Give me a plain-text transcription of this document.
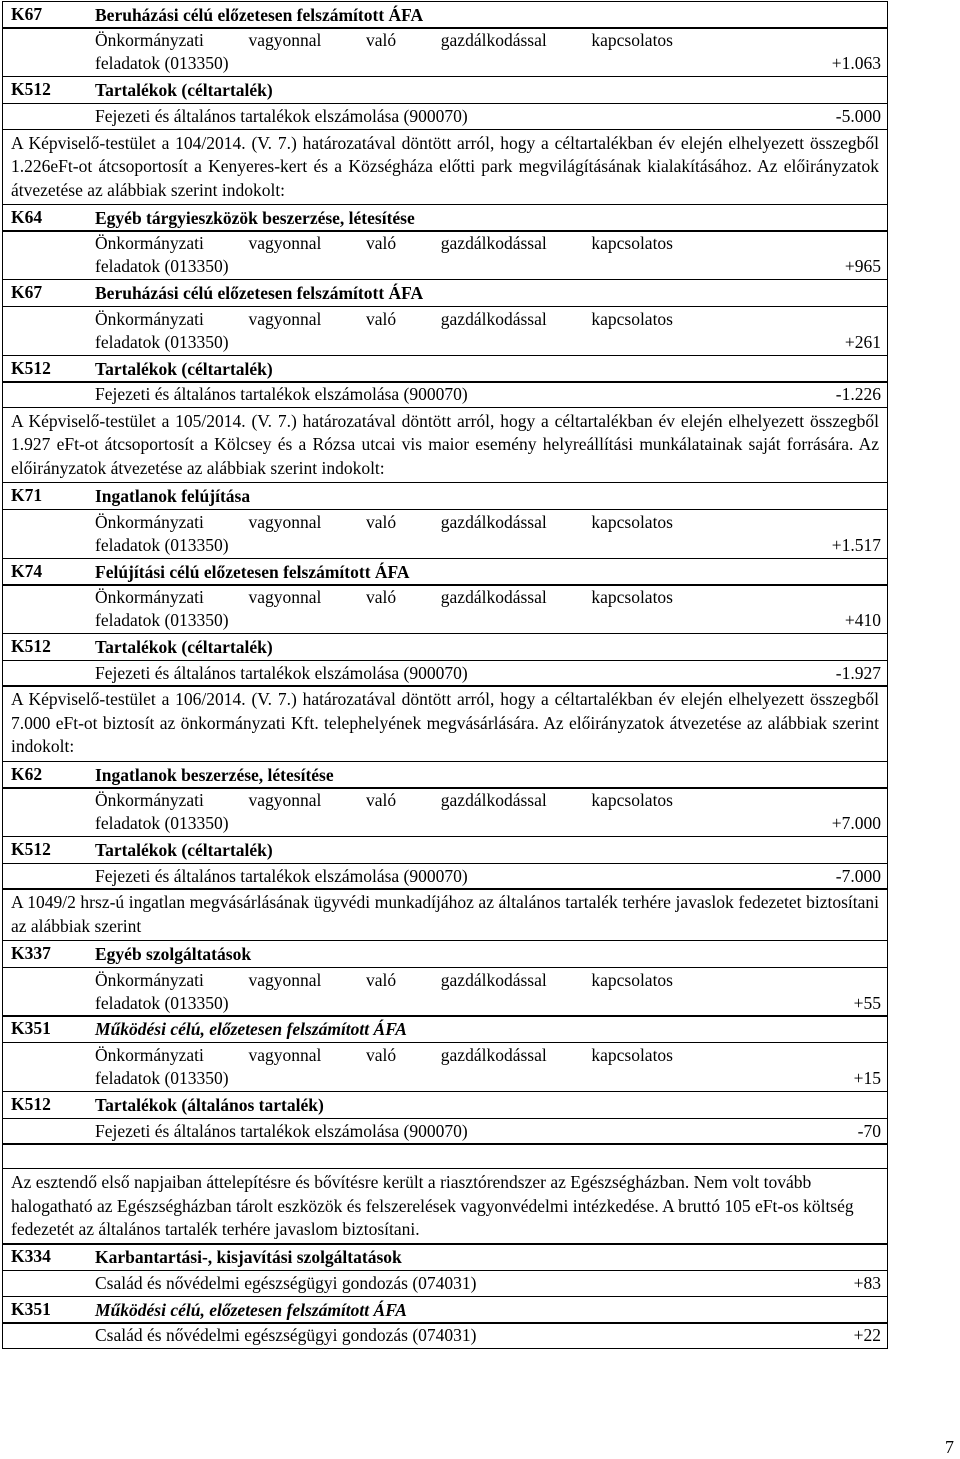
K67	Beruházási célú előzetesen felszámított ÁFA
Önkormányzati vagyonnal való gazdálkodással kapcsolatos
feladatok (013350)	+1.063
K512	Tartalékok (céltartalék)
Fejezeti és általános tartalékok elszámolása (900070)	-5.000
A Képviselő-testület a 104/2014. (V. 7.) határozatával döntött arról, hogy a céltartalékban év elején elhelyezett összegből 1.226eFt-ot átcsoportosít a Kenyeres-kert és a Községháza előtti park megvilágításának kialakításához. Az előirányzatok átvezetése az alábbiak szerint indokolt:
K64	Egyéb tárgyieszközök beszerzése, létesítése
Önkormányzati vagyonnal való gazdálkodással kapcsolatos
feladatok (013350)	+965
K67	Beruházási célú előzetesen felszámított ÁFA
Önkormányzati vagyonnal való gazdálkodással kapcsolatos
feladatok (013350)	+261
K512	Tartalékok (céltartalék)
Fejezeti és általános tartalékok elszámolása (900070)	-1.226
A Képviselő-testület a 105/2014. (V. 7.) határozatával döntött arról, hogy a céltartalékban év elején elhelyezett összegből 1.927 eFt-ot átcsoportosít a Kölcsey és a Rózsa utcai vis maior esemény helyreállítási munkálatainak saját forrására. Az előirányzatok átvezetése az alábbiak szerint indokolt:
K71	Ingatlanok felújítása
Önkormányzati vagyonnal való gazdálkodással kapcsolatos
feladatok (013350)	+1.517
K74	Felújítási célú előzetesen felszámított ÁFA
Önkormányzati vagyonnal való gazdálkodással kapcsolatos
feladatok (013350)	+410
K512	Tartalékok (céltartalék)
Fejezeti és általános tartalékok elszámolása (900070)	-1.927
A Képviselő-testület a 106/2014. (V. 7.) határozatával döntött arról, hogy a céltartalékban év elején elhelyezett összegből 7.000 eFt-ot biztosít az önkormányzati Kft. telephelyének megvásárlására. Az előirányzatok átvezetése az alábbiak szerint indokolt:
K62	Ingatlanok beszerzése, létesítése
Önkormányzati vagyonnal való gazdálkodással kapcsolatos
feladatok (013350)	+7.000
K512	Tartalékok (céltartalék)
Fejezeti és általános tartalékok elszámolása (900070)	-7.000
A 1049/2 hrsz-ú ingatlan megvásárlásának ügyvédi munkadíjához az általános tartalék terhére javaslok fedezetet biztosítani az alábbiak szerint
K337	Egyéb szolgáltatások
Önkormányzati vagyonnal való gazdálkodással kapcsolatos
feladatok (013350)	+55
K351	Működési célú, előzetesen felszámított ÁFA
Önkormányzati vagyonnal való gazdálkodással kapcsolatos
feladatok (013350)	+15
K512	Tartalékok (általános tartalék)
Fejezeti és általános tartalékok elszámolása (900070)	-70
Az esztendő első napjaiban áttelepítésre és bővítésre került a riasztórendszer az Egészségházban. Nem volt tovább halogatható az Egészségházban tárolt eszközök és felszerelések vagyonvédelmi intézkedése. A bruttó 105 eFt-os költség fedezetét az általános tartalék terhére javaslom biztosítani.
K334	Karbantartási-, kisjavítási szolgáltatások
Család és nővédelmi egészségügyi gondozás (074031)	+83
K351	Működési célú, előzetesen felszámított ÁFA
Család és nővédelmi egészségügyi gondozás (074031)	+22
7
